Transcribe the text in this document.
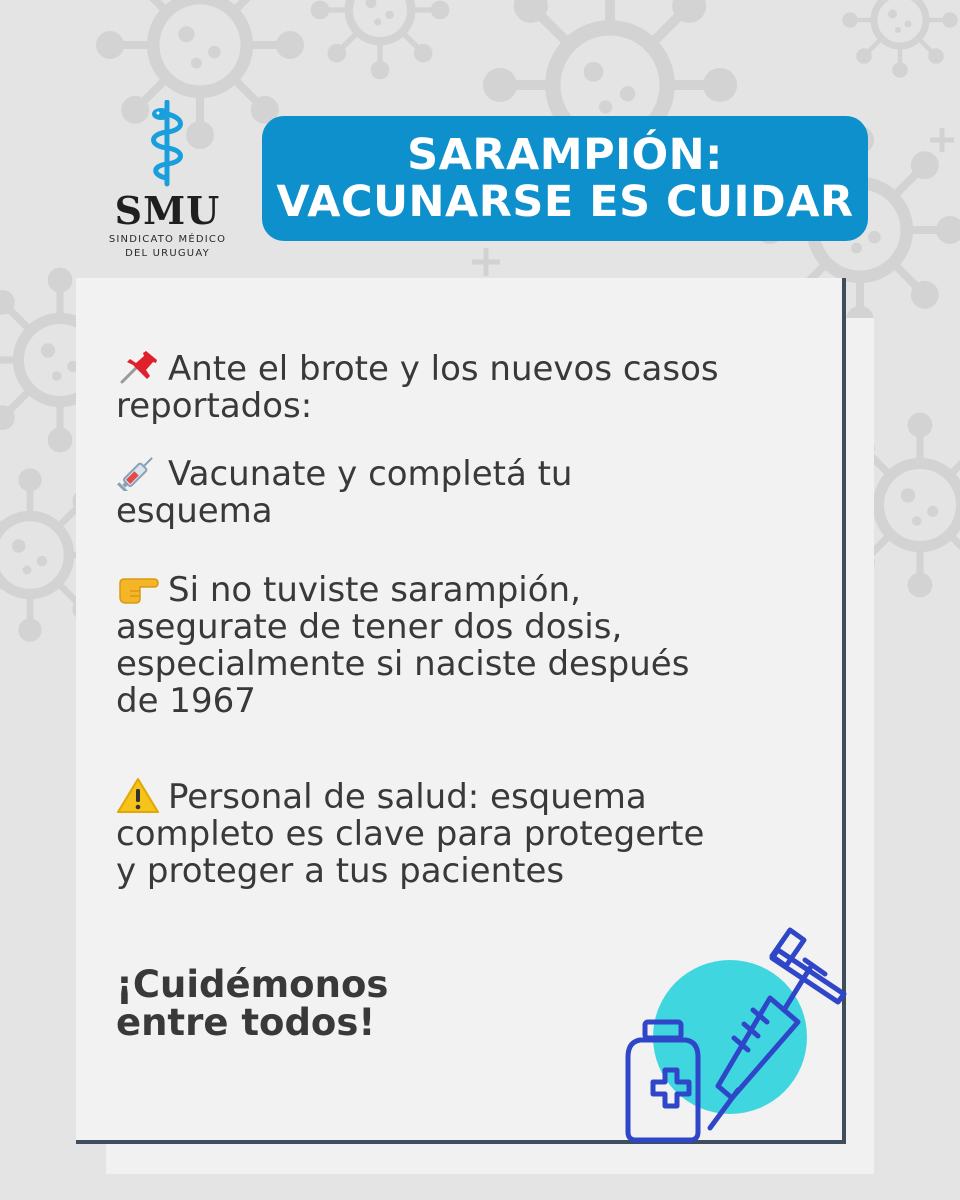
SMU
SINDICATO MÉDICO
DEL URUGUAY
SARAMPIÓN:
VACUNARSE ES CUIDAR
Ante el brote y los nuevos casos
reportados:
Vacunate y completá tu
esquema
Si no tuviste sarampión,
asegurate de tener dos dosis,
especialmente si naciste después
de 1967
Personal de salud: esquema
completo es clave para protegerte
y proteger a tus pacientes
¡Cuidémonos
entre todos!
